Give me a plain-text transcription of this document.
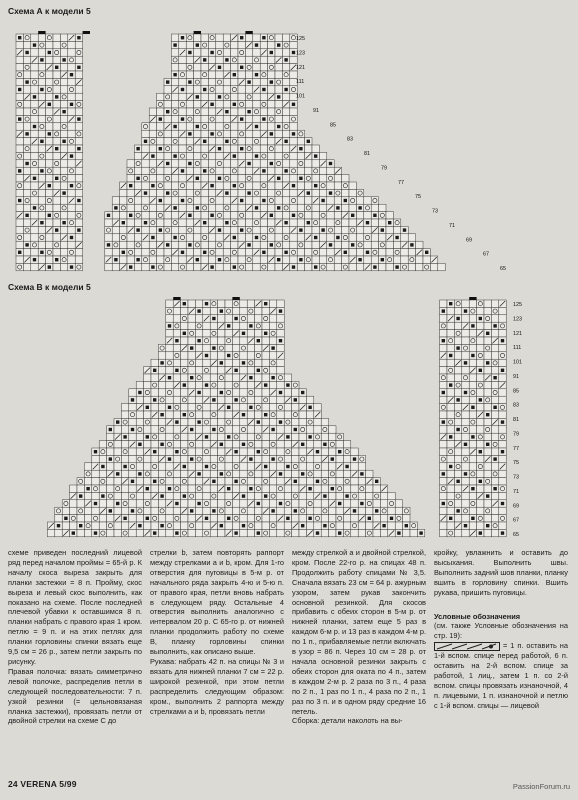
Схема А к модели 5
125
123
121
111
101
91
85
83
81
79
77
75
73
71
69
67
65
Схема B к модели 5
125
123
121
111
101
91
85
83
81
79
77
75
73
71
69
67
65

схеме приведен последний лицевой ряд перед началом проймы = 65-й р. К началу скоса выреза закрыть для планки застежки = 8 п. Пройму, скос выреза и левый скос выполнить, как показано на схеме. После последней плечевой убавки к оставшимся 8 п. планки набрать с правого края 1 кром. петлю = 9 п. и на этих петлях для планки горловины спинки вязать еще 9,5 см = 26 р., затем петли закрыть по рисунку.

Правая полочка: вязать симметрично левой полочке, распределив петли в следующей последовательности: 7 п. узкой резинки (= цельновязаная планка застежки), провязать петли от двойной стрелки на схеме С до

стрелки b, затем повторять раппорт между стрелками a и b, кром. Для 1-го отверстия для пуговицы в 5-м р. от начального ряда закрыть 4-ю и 5-ю п. от правого края, петли вновь набрать в следующем ряду. Остальные 4 отверстия выполнить аналогично с интервалом 20 р. С 65-го р. от нижней планки продолжить работу по схеме B, планку горловины спинки выполнить, как описано выше.

Рукава: набрать 42 п. на спицы № 3 и вязать для нижней планки 7 см = 22 р. широкой резинкой, при этом петли распределить следующим образом: кром., выполнить 2 раппорта между стрелками a и b, провязать петли

между стрелкой a и двойной стрелкой, кром. После 22-го р. на спицах 48 п. Продолжить работу спицами № 3,5. Сначала вязать 23 см = 64 р. ажурным узором, затем рукав закончить основной резинкой. Для скосов прибавить с обеих сторон в 5-м р. от нижней планки, затем еще 5 раз в каждом 6-м р. и 13 раз в каждом 4-м р. по 1 п., прибавляемые петли включать в узор = 86 п. Через 10 см = 28 р. от начала основной резинки закрыть с обеих сторон для оката по 4 п., затем в каждом 2-м р. 2 раза по 3 п., 4 раза по 2 п., 1 раз по 1 п., 4 раза по 2 п., 1 раз по 3 п. и в одном ряду средние 16 петель.

Сборка: детали наколоть на вы-

кройку, увлажнить и оставить до высыхания. Выполнить швы. Выполнить задний шов планки, планку вшить в горловину спинки. Вшить рукава, пришить пуговицы.

Условные обозначения

(см. также Условные обозначения на стр. 19):

= 1 п. оставить на 1-й вспом. спице перед работой, 6 п. оставить на 2-й вспом. спице за работой, 1 лиц., затем 1 п. со 2-й вспом. спицы провязать изнаночной, 4 п. лицевыми, 1 п. изнаночной и петлю с 1-й вспом. спицы — лицевой

24 VERENA 5/99	PassionForum.ru
